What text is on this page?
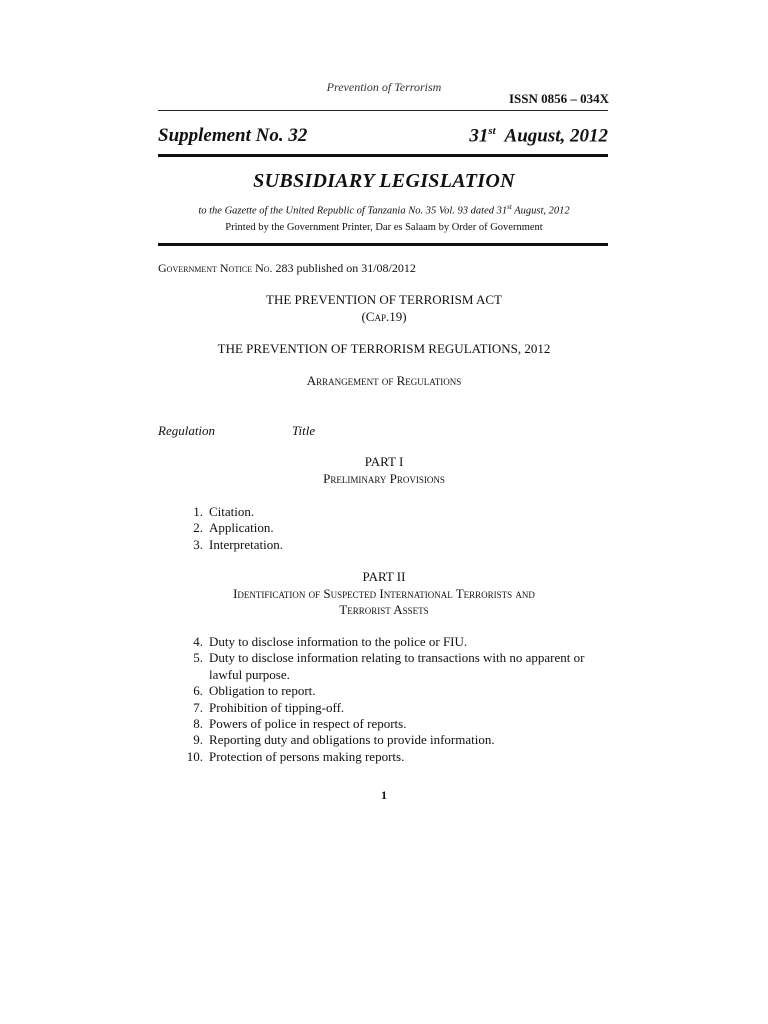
Prevention of Terrorism
ISSN 0856 – 034X
Supplement No. 32	31st August, 2012
SUBSIDIARY LEGISLATION
to the Gazette of the United Republic of Tanzania No. 35 Vol. 93 dated 31st August, 2012
Printed by the Government Printer, Dar es Salaam by Order of Government
Government Notice No. 283 published on 31/08/2012
THE PREVENTION OF TERRORISM ACT
(Cap.19)
THE PREVENTION OF TERRORISM REGULATIONS, 2012
Arrangement of Regulations
Regulation	Title
PART I
Preliminary Provisions
1. Citation.
2. Application.
3. Interpretation.
PART II
Identification of Suspected International Terrorists and
Terrorist Assets
4. Duty to disclose information to the police or FIU.
5. Duty to disclose information relating to transactions with no apparent or lawful purpose.
6. Obligation to report.
7. Prohibition of tipping-off.
8. Powers of police in respect of reports.
9. Reporting duty and obligations to provide information.
10. Protection of persons making reports.
1
